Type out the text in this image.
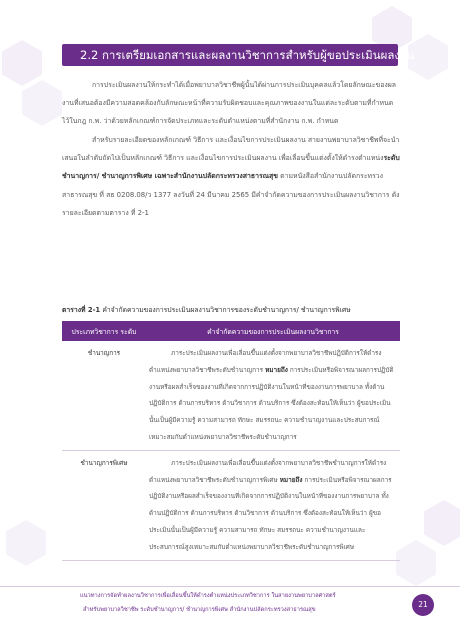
2.2 การเตรียมเอกสารและผลงานวิชาการสำหรับผู้ขอประเมินผลงาน

การประเมินผลงานให้กระทำได้เมื่อพยาบาลวิชาชีพผู้นั้นได้ผ่านการประเมินบุคคลแล้วโดยลักษณะของผลงานที่เสนอต้องมีความสอดคล้องกับลักษณะหน้าที่ความรับผิดชอบและคุณภาพของงานในแต่ละระดับตามที่กำหนดไว้ในกฎ ก.พ. ว่าด้วยหลักเกณฑ์การจัดประเภทและระดับตำแหน่งตามที่สำนักงาน ก.พ. กำหนด

สำหรับรายละเอียดของหลักเกณฑ์ วิธีการ และเงื่อนไขการประเมินผลงาน สายงานพยาบาลวิชาชีพที่จะนำเสนอในลำดับถัดไปเป็นหลักเกณฑ์ วิธีการ และเงื่อนไขการประเมินผลงาน เพื่อเลื่อนขึ้นแต่งตั้งให้ดำรงตำแหน่งระดับชำนาญการ/ ชำนาญการพิเศษ เฉพาะสำนักงานปลัดกระทรวงสาธารณสุข ตามหนังสือสำนักงานปลัดกระทรวงสาธารณสุข ที่ สธ 0208.08/ว 1377 ลงวันที่ 24 มีนาคม 2565 มีคำจำกัดความของการประเมินผลงานวิชาการ ดังรายละเอียดตามตาราง ที่ 2-1

ตารางที่ 2-1 คำจำกัดความของการประเมินผลงานวิชาการของระดับชำนาญการ/ ชำนาญการพิเศษ
ประเภทวิชาการ ระดับ	คำจำกัดความของการประเมินผลงานวิชาการ
ชำนาญการ	ภาระประเมินผลงานเพื่อเลื่อนขึ้นแต่งตั้งจากพยาบาลวิชาชีพปฏิบัติการให้ดำรงตำแหน่งพยาบาลวิชาชีพระดับชำนาญการ หมายถึง การประเมินหรือพิจารณาผลการปฏิบัติงานหรือผลสำเร็จของงานที่เกิดจากการปฏิบัติงานในหน้าที่ของงานการพยาบาล ทั้งด้านปฏิบัติการ ด้านการบริหาร ด้านวิชาการ ด้านบริการ ซึ่งต้องสะท้อนให้เห็นว่า ผู้ขอประเมินนั้นเป็นผู้มีความรู้ ความสามารถ ทักษะ สมรรถนะ ความชำนาญงานและประสบการณ์เหมาะสมกับตำแหน่งพยาบาลวิชาชีพระดับชำนาญการ
ชำนาญการพิเศษ	ภาระประเมินผลงานเพื่อเลื่อนขึ้นแต่งตั้งจากพยาบาลวิชาชีพชำนาญการให้ดำรงตำแหน่งพยาบาลวิชาชีพระดับชำนาญการพิเศษ หมายถึง การประเมินหรือพิจารณาผลการปฏิบัติงานหรือผลสำเร็จของงานที่เกิดจากการปฏิบัติงานในหน้าที่ของงานการพยาบาล ทั้งด้านปฏิบัติการ ด้านการบริหาร ด้านวิชาการ ด้านบริการ ซึ่งต้องสะท้อนให้เห็นว่า ผู้ขอประเมินนั้นเป็นผู้มีความรู้ ความสามารถ ทักษะ สมรรถนะ ความชำนาญงานและประสบการณ์สูงเหมาะสมกับตำแหน่งพยาบาลวิชาชีพระดับชำนาญการพิเศษ
แนวทางการจัดทำผลงานวิชาการเพื่อเลื่อนขึ้นให้ดำรงตำแหน่งประเภทวิชาการ ในสายงานพยาบาลศาสตร์
สำหรับพยาบาลวิชาชีพ ระดับชำนาญการ/ ชำนาญการพิเศษ สำนักงานปลัดกระทรวงสาธารณสุข
21
